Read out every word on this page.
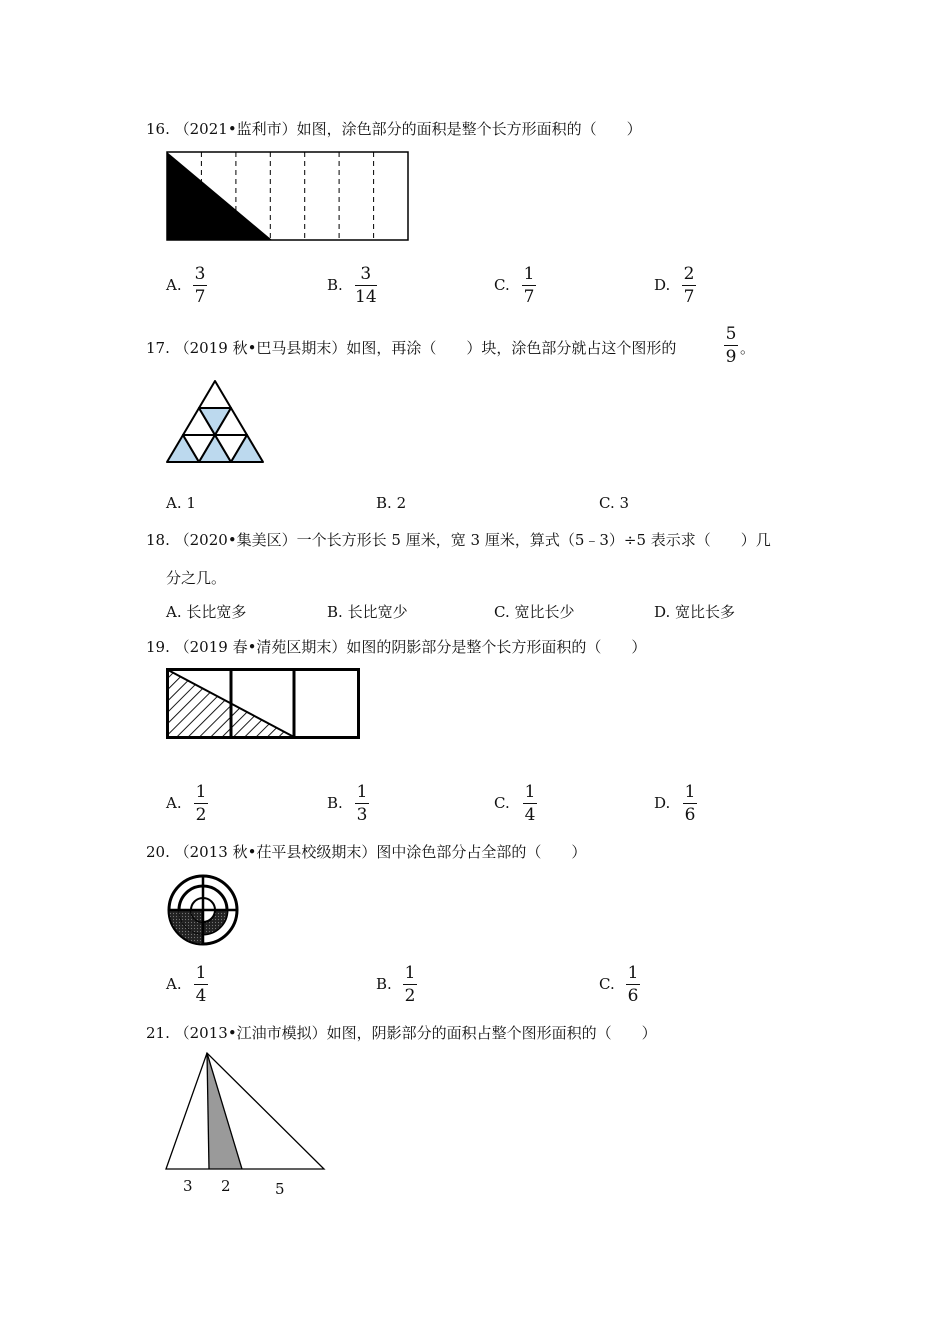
16. （2021•监利市）如图，涂色部分的面积是整个长方形面积的（　　）
A.
3
7
B.
3
14
C.
1
7
D.
2
7
17. （2019 秋•巴马县期末）如图，再涂（　　）块，涂色部分就占这个图形的
5
9 。
A. 1	B. 2	C. 3
18. （2020•集美区）一个长方形长 5 厘米，宽 3 厘米，算式（5﹣3）÷5 表示求（　　）几
分之几。
A. 长比宽多	B. 长比宽少	C. 宽比长少	D. 宽比长多
19. （2019 春•清苑区期末）如图的阴影部分是整个长方形面积的（　　）
A.
1
2
B.
1
3
C.
1
4
D.
1
6
20. （2013 秋•茌平县校级期末）图中涂色部分占全部的（　　）
A.
1
4
B.
1
2
C.
1
6
21. （2013•江油市模拟）如图，阴影部分的面积占整个图形面积的（　　）
3 2	5
